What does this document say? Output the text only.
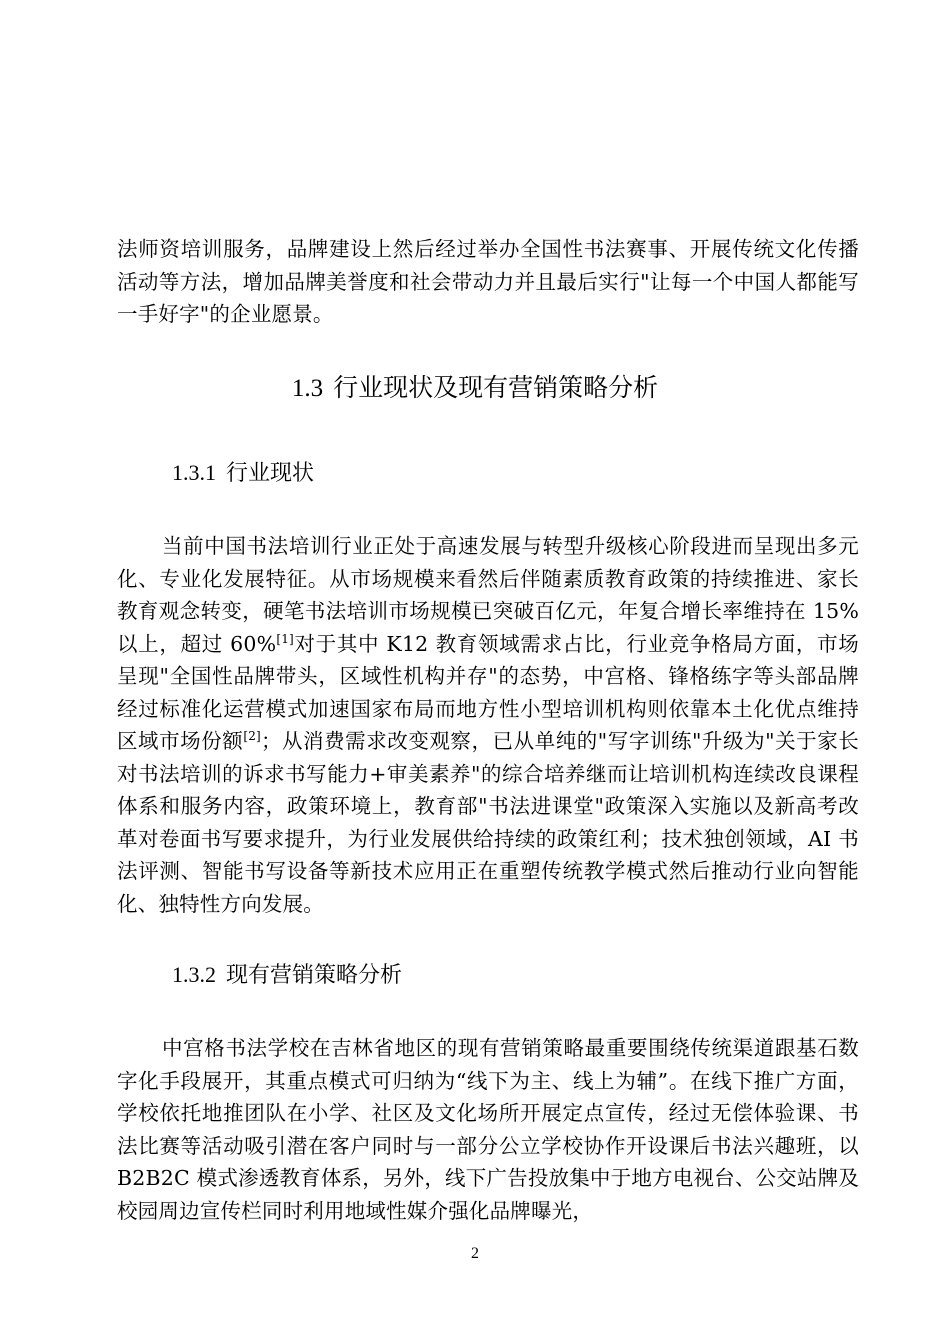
法师资培训服务，品牌建设上然后经过举办全国性书法赛事、开展传统文化传播活动等方法，增加品牌美誉度和社会带动力并且最后实行"让每一个中国人都能写一手好字"的企业愿景。

1.3 行业现状及现有营销策略分析
1.3.1 行业现状

当前中国书法培训行业正处于高速发展与转型升级核心阶段进而呈现出多元化、专业化发展特征。从市场规模来看然后伴随素质教育政策的持续推进、家长教育观念转变，硬笔书法培训市场规模已突破百亿元，年复合增长率维持在 15%以上，超过 60%[1]对于其中 K12 教育领域需求占比，行业竞争格局方面，市场呈现"全国性品牌带头，区域性机构并存"的态势，中宫格、锋格练字等头部品牌经过标准化运营模式加速国家布局而地方性小型培训机构则依靠本土化优点维持区域市场份额[2]；从消费需求改变观察，已从单纯的"写字训练"升级为"关于家长对书法培训的诉求书写能力+审美素养"的综合培养继而让培训机构连续改良课程体系和服务内容，政策环境上，教育部"书法进课堂"政策深入实施以及新高考改革对卷面书写要求提升，为行业发展供给持续的政策红利；技术独创领域，AI 书法评测、智能书写设备等新技术应用正在重塑传统教学模式然后推动行业向智能化、独特性方向发展。

1.3.2 现有营销策略分析

中宫格书法学校在吉林省地区的现有营销策略最重要围绕传统渠道跟基石数字化手段展开，其重点模式可归纳为“线下为主、线上为辅”。在线下推广方面，学校依托地推团队在小学、社区及文化场所开展定点宣传，经过无偿体验课、书法比赛等活动吸引潜在客户同时与一部分公立学校协作开设课后书法兴趣班，以 B2B2C 模式渗透教育体系，另外，线下广告投放集中于地方电视台、公交站牌及校园周边宣传栏同时利用地域性媒介强化品牌曝光，

2
